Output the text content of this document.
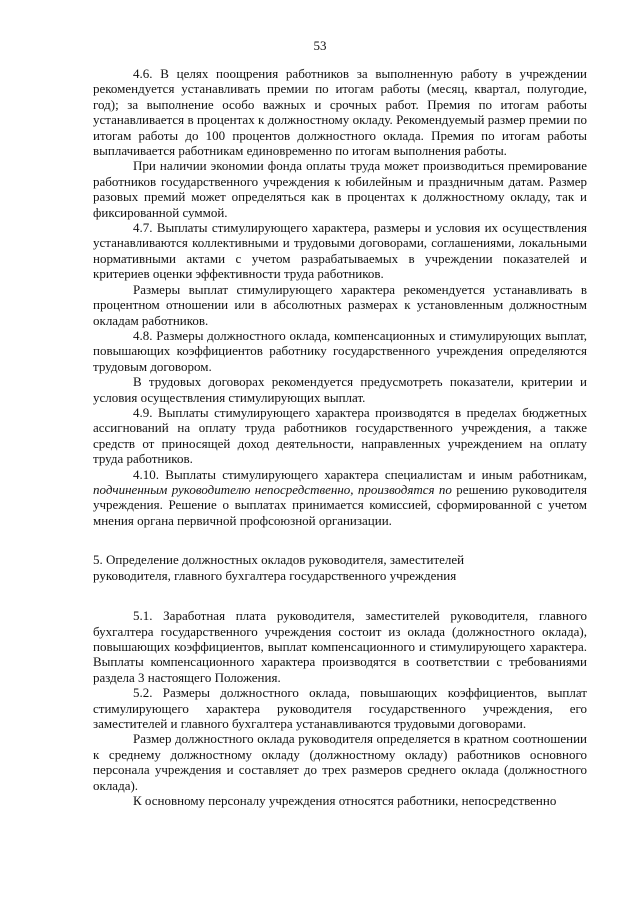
53

4.6. В целях поощрения работников за выполненную работу в учреждении рекомендуется устанавливать премии по итогам работы (месяц, квартал, полугодие, год); за выполнение особо важных и срочных работ. Премия по итогам работы устанавливается в процентах к должностному окладу. Рекомендуемый размер премии по итогам работы до 100 процентов должностного оклада. Премия по итогам работы выплачивается работникам единовременно по итогам выполнения работы.

При наличии экономии фонда оплаты труда может производиться премирование работников государственного учреждения к юбилейным и праздничным датам. Размер разовых премий может определяться как в процентах к должностному окладу, так и фиксированной суммой.

4.7. Выплаты стимулирующего характера, размеры и условия их осуществления устанавливаются коллективными и трудовыми договорами, соглашениями, локальными нормативными актами с учетом разрабатываемых в учреждении показателей и критериев оценки эффективности труда работников.

Размеры выплат стимулирующего характера рекомендуется устанавливать в процентном отношении или в абсолютных размерах к установленным должностным окладам работников.

4.8. Размеры должностного оклада, компенсационных и стимулирующих выплат, повышающих коэффициентов работнику государственного учреждения определяются трудовым договором.

В трудовых договорах рекомендуется предусмотреть показатели, критерии и условия осуществления стимулирующих выплат.

4.9. Выплаты стимулирующего характера производятся в пределах бюджетных ассигнований на оплату труда работников государственного учреждения, а также средств от приносящей доход деятельности, направленных учреждением на оплату труда работников.

4.10. Выплаты стимулирующего характера специалистам и иным работникам, подчиненным руководителю непосредственно, производятся по решению руководителя учреждения. Решение о выплатах принимается комиссией, сформированной с учетом мнения органа первичной профсоюзной организации.

5. Определение должностных окладов руководителя, заместителей
руководителя, главного бухгалтера государственного учреждения

5.1. Заработная плата руководителя, заместителей руководителя, главного бухгалтера государственного учреждения состоит из оклада (должностного оклада), повышающих коэффициентов, выплат компенсационного и стимулирующего характера. Выплаты компенсационного характера производятся в соответствии с требованиями раздела 3 настоящего Положения.

5.2. Размеры должностного оклада, повышающих коэффициентов, выплат стимулирующего характера руководителя государственного учреждения, его заместителей и главного бухгалтера устанавливаются трудовыми договорами.

Размер должностного оклада руководителя определяется в кратном соотношении к среднему должностному окладу (должностному окладу) работников основного персонала учреждения и составляет до трех размеров среднего оклада (должностного оклада).

К основному персоналу учреждения относятся работники, непосредственно
